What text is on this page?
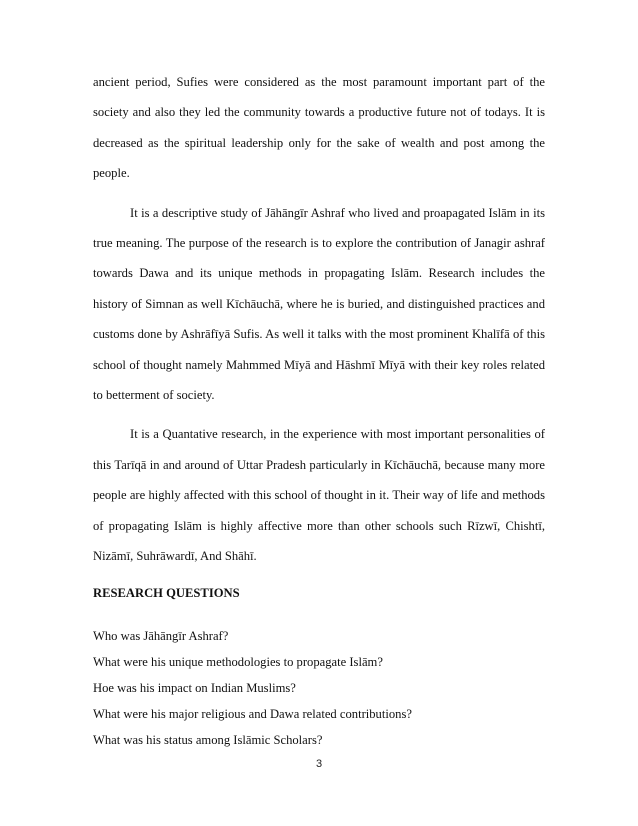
ancient period, Sufies were considered as the most paramount important part of the society and also they led the community towards a productive future not of todays. It is decreased as the spiritual leadership only for the sake of wealth and post among the people.

It is a descriptive study of Jāhāngīr Ashraf who lived and proapagated Islām in its true meaning. The purpose of the research is to explore the contribution of Janagir ashraf towards Dawa and its unique methods in propagating Islām. Research includes the history of Simnan as well Kīchāuchā, where he is buried, and distinguished practices and customs done by Ashrāfīyā Sufis. As well it talks with the most prominent Khalīfā of this school of thought namely Mahmmed Mīyā and Hāshmī Mīyā with their key roles related to betterment of society.

It is a Quantative research, in the experience with most important personalities of this Tarīqā in and around of Uttar Pradesh particularly in Kīchāuchā, because many more people are highly affected with this school of thought in it. Their way of life and methods of propagating Islām is highly affective more than other schools such Rīzwī, Chishtī, Nizāmī, Suhrāwardī, And Shāhī.

RESEARCH QUESTIONS
Who was Jāhāngīr Ashraf?
What were his unique methodologies to propagate Islām?
Hoe was his impact on Indian Muslims?
What were his major religious and Dawa related contributions?
What was his status among Islāmic Scholars?
3
